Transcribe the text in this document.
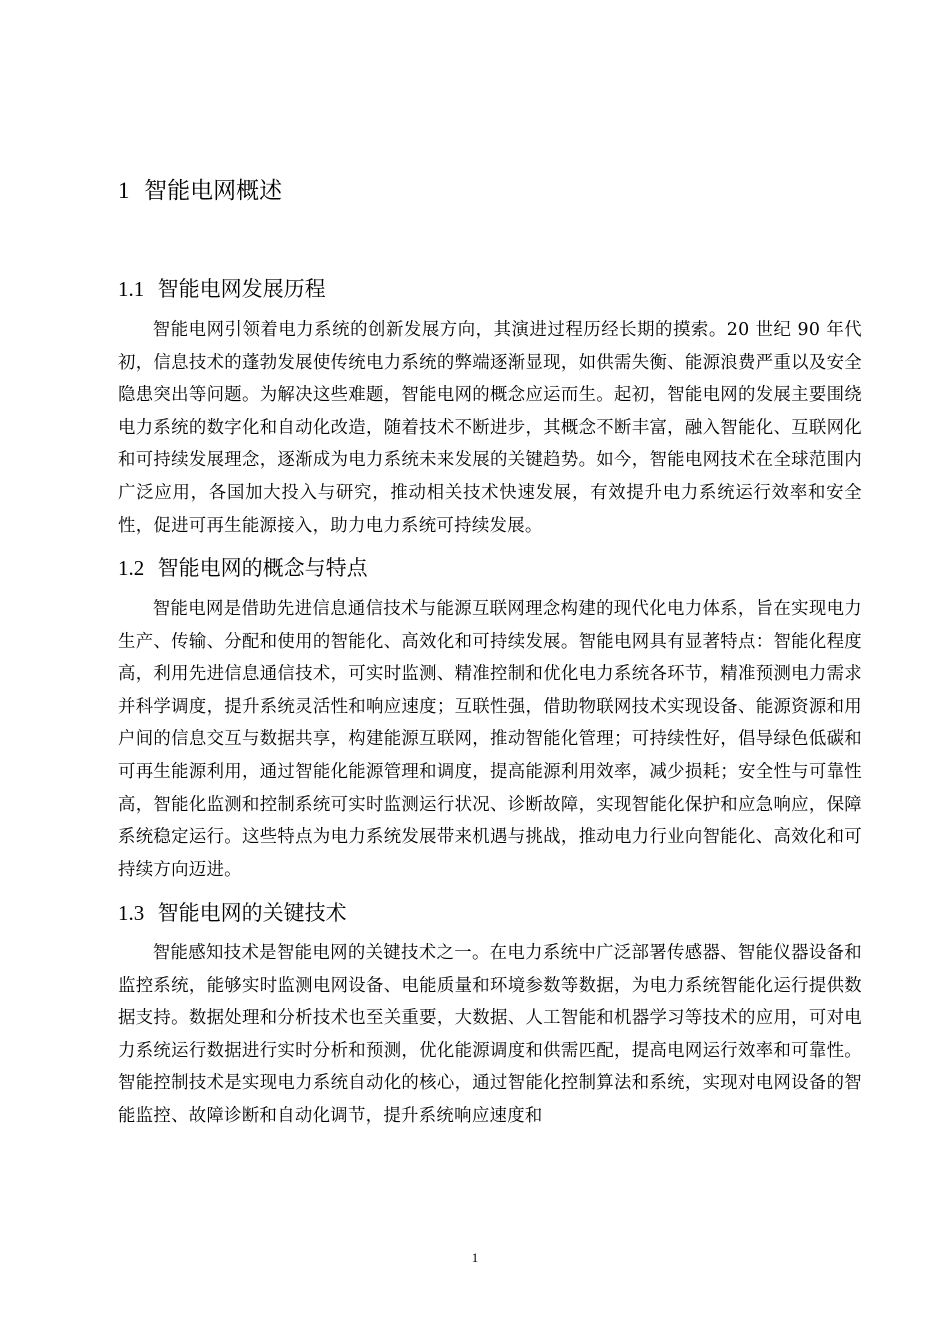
1 智能电网概述
1.1 智能电网发展历程

智能电网引领着电力系统的创新发展方向，其演进过程历经长期的摸索。20 世纪 90 年代初，信息技术的蓬勃发展使传统电力系统的弊端逐渐显现，如供需失衡、能源浪费严重以及安全隐患突出等问题。为解决这些难题，智能电网的概念应运而生。起初，智能电网的发展主要围绕电力系统的数字化和自动化改造，随着技术不断进步，其概念不断丰富，融入智能化、互联网化和可持续发展理念，逐渐成为电力系统未来发展的关键趋势。如今，智能电网技术在全球范围内广泛应用，各国加大投入与研究，推动相关技术快速发展，有效提升电力系统运行效率和安全性，促进可再生能源接入，助力电力系统可持续发展。

1.2 智能电网的概念与特点

智能电网是借助先进信息通信技术与能源互联网理念构建的现代化电力体系，旨在实现电力生产、传输、分配和使用的智能化、高效化和可持续发展。智能电网具有显著特点：智能化程度高，利用先进信息通信技术，可实时监测、精准控制和优化电力系统各环节，精准预测电力需求并科学调度，提升系统灵活性和响应速度；互联性强，借助物联网技术实现设备、能源资源和用户间的信息交互与数据共享，构建能源互联网，推动智能化管理；可持续性好，倡导绿色低碳和可再生能源利用，通过智能化能源管理和调度，提高能源利用效率，减少损耗；安全性与可靠性高，智能化监测和控制系统可实时监测运行状况、诊断故障，实现智能化保护和应急响应，保障系统稳定运行。这些特点为电力系统发展带来机遇与挑战，推动电力行业向智能化、高效化和可持续方向迈进。

1.3 智能电网的关键技术

智能感知技术是智能电网的关键技术之一。在电力系统中广泛部署传感器、智能仪器设备和监控系统，能够实时监测电网设备、电能质量和环境参数等数据，为电力系统智能化运行提供数据支持。数据处理和分析技术也至关重要，大数据、人工智能和机器学习等技术的应用，可对电力系统运行数据进行实时分析和预测，优化能源调度和供需匹配，提高电网运行效率和可靠性。智能控制技术是实现电力系统自动化的核心，通过智能化控制算法和系统，实现对电网设备的智能监控、故障诊断和自动化调节，提升系统响应速度和

1
